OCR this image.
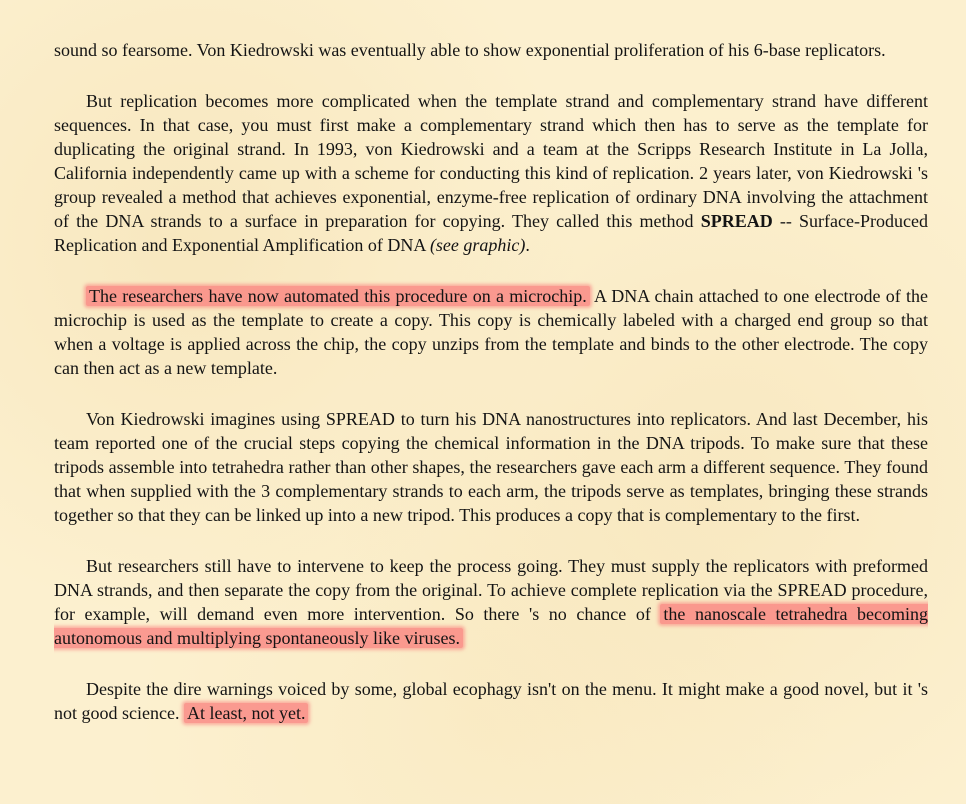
sound so fearsome. Von Kiedrowski was eventually able to show exponential proliferation of his 6-base replicators.

But replication becomes more complicated when the template strand and complementary strand have different sequences. In that case, you must first make a complementary strand which then has to serve as the template for duplicating the original strand. In 1993, von Kiedrowski and a team at the Scripps Research Institute in La Jolla, California independently came up with a scheme for conducting this kind of replication. 2 years later, von Kiedrowski 's group revealed a method that achieves exponential, enzyme-free replication of ordinary DNA involving the attachment of the DNA strands to a surface in preparation for copying. They called this method SPREAD -- Surface-Produced Replication and Exponential Amplification of DNA (see graphic).

The researchers have now automated this procedure on a microchip. A DNA chain attached to one electrode of the microchip is used as the template to create a copy. This copy is chemically labeled with a charged end group so that when a voltage is applied across the chip, the copy unzips from the template and binds to the other electrode. The copy can then act as a new template.

Von Kiedrowski imagines using SPREAD to turn his DNA nanostructures into replicators. And last December, his team reported one of the crucial steps copying the chemical information in the DNA tripods. To make sure that these tripods assemble into tetrahedra rather than other shapes, the researchers gave each arm a different sequence. They found that when supplied with the 3 complementary strands to each arm, the tripods serve as templates, bringing these strands together so that they can be linked up into a new tripod. This produces a copy that is complementary to the first.

But researchers still have to intervene to keep the process going. They must supply the replicators with preformed DNA strands, and then separate the copy from the original. To achieve complete replication via the SPREAD procedure, for example, will demand even more intervention. So there 's no chance of the nanoscale tetrahedra becoming autonomous and multiplying spontaneously like viruses.

Despite the dire warnings voiced by some, global ecophagy isn't on the menu. It might make a good novel, but it 's not good science. At least, not yet.
